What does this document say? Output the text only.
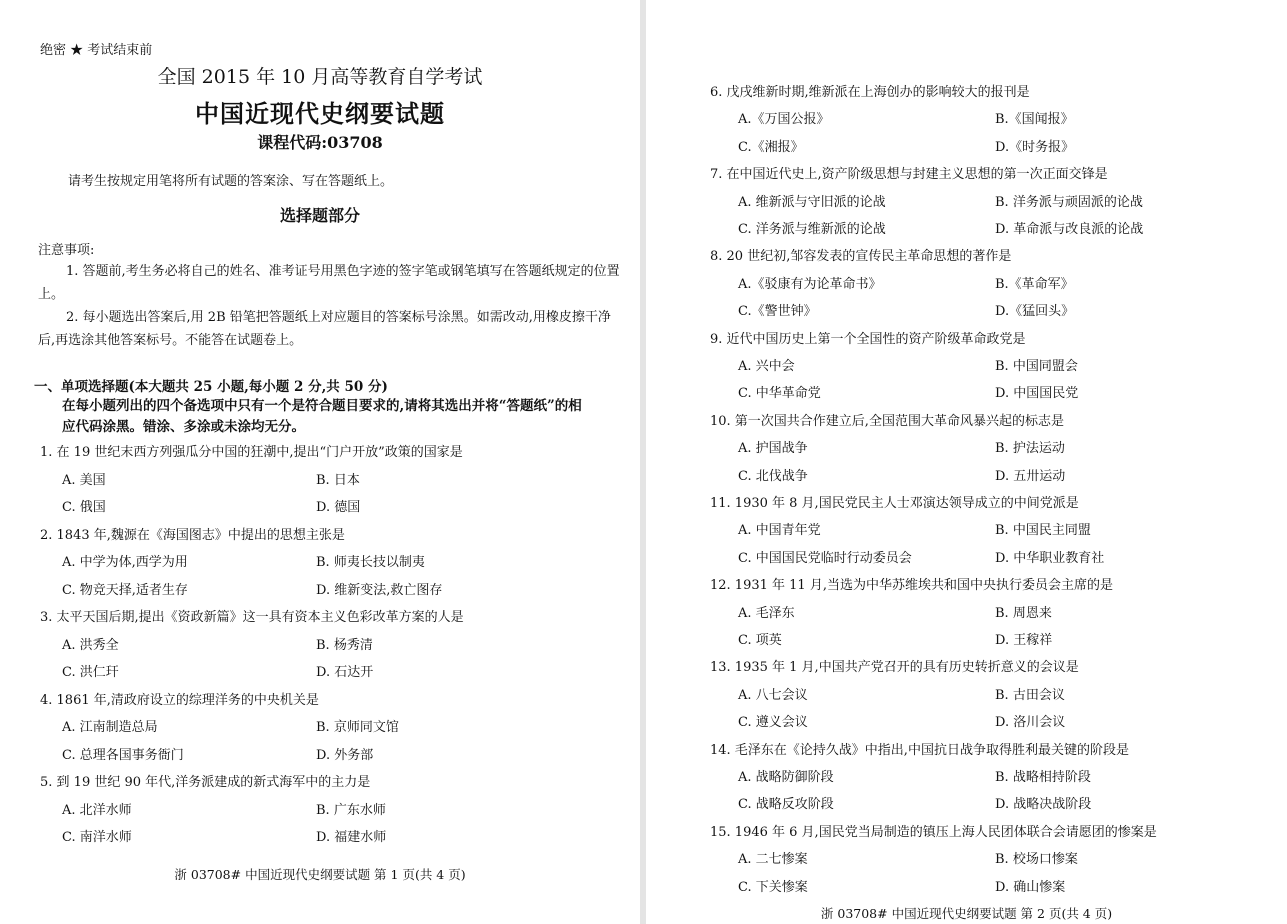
绝密 ★ 考试结束前
全国 2015 年 10 月高等教育自学考试
中国近现代史纲要试题
课程代码:03708
请考生按规定用笔将所有试题的答案涂、写在答题纸上。
选择题部分
注意事项:
1. 答题前,考生务必将自己的姓名、准考证号用黑色字迹的签字笔或钢笔填写在答题纸规定的位置上。
2. 每小题选出答案后,用 2B 铅笔把答题纸上对应题目的答案标号涂黑。如需改动,用橡皮擦干净后,再选涂其他答案标号。不能答在试题卷上。
一、单项选择题(本大题共 25 小题,每小题 2 分,共 50 分)
在每小题列出的四个备选项中只有一个是符合题目要求的,请将其选出并将“答题纸”的相应代码涂黑。错涂、多涂或未涂均无分。
1. 在 19 世纪末西方列强瓜分中国的狂潮中,提出“门户开放”政策的国家是
A. 美国	B. 日本
C. 俄国	D. 德国
2. 1843 年,魏源在《海国图志》中提出的思想主张是
A. 中学为体,西学为用	B. 师夷长技以制夷
C. 物竞天择,适者生存	D. 维新变法,救亡图存
3. 太平天国后期,提出《资政新篇》这一具有资本主义色彩改革方案的人是
A. 洪秀全	B. 杨秀清
C. 洪仁玕	D. 石达开
4. 1861 年,清政府设立的综理洋务的中央机关是
A. 江南制造总局	B. 京师同文馆
C. 总理各国事务衙门	D. 外务部
5. 到 19 世纪 90 年代,洋务派建成的新式海军中的主力是
A. 北洋水师	B. 广东水师
C. 南洋水师	D. 福建水师
浙 03708# 中国近现代史纲要试题 第 1 页(共 4 页)
6. 戊戌维新时期,维新派在上海创办的影响较大的报刊是
A.《万国公报》	B.《国闻报》
C.《湘报》	D.《时务报》
7. 在中国近代史上,资产阶级思想与封建主义思想的第一次正面交锋是
A. 维新派与守旧派的论战	B. 洋务派与顽固派的论战
C. 洋务派与维新派的论战	D. 革命派与改良派的论战
8. 20 世纪初,邹容发表的宣传民主革命思想的著作是
A.《驳康有为论革命书》	B.《革命军》
C.《警世钟》	D.《猛回头》
9. 近代中国历史上第一个全国性的资产阶级革命政党是
A. 兴中会	B. 中国同盟会
C. 中华革命党	D. 中国国民党
10. 第一次国共合作建立后,全国范围大革命风暴兴起的标志是
A. 护国战争	B. 护法运动
C. 北伐战争	D. 五卅运动
11. 1930 年 8 月,国民党民主人士邓演达领导成立的中间党派是
A. 中国青年党	B. 中国民主同盟
C. 中国国民党临时行动委员会	D. 中华职业教育社
12. 1931 年 11 月,当选为中华苏维埃共和国中央执行委员会主席的是
A. 毛泽东	B. 周恩来
C. 项英	D. 王稼祥
13. 1935 年 1 月,中国共产党召开的具有历史转折意义的会议是
A. 八七会议	B. 古田会议
C. 遵义会议	D. 洛川会议
14. 毛泽东在《论持久战》中指出,中国抗日战争取得胜利最关键的阶段是
A. 战略防御阶段	B. 战略相持阶段
C. 战略反攻阶段	D. 战略决战阶段
15. 1946 年 6 月,国民党当局制造的镇压上海人民团体联合会请愿团的惨案是
A. 二七惨案	B. 校场口惨案
C. 下关惨案	D. 确山惨案
浙 03708# 中国近现代史纲要试题 第 2 页(共 4 页)
